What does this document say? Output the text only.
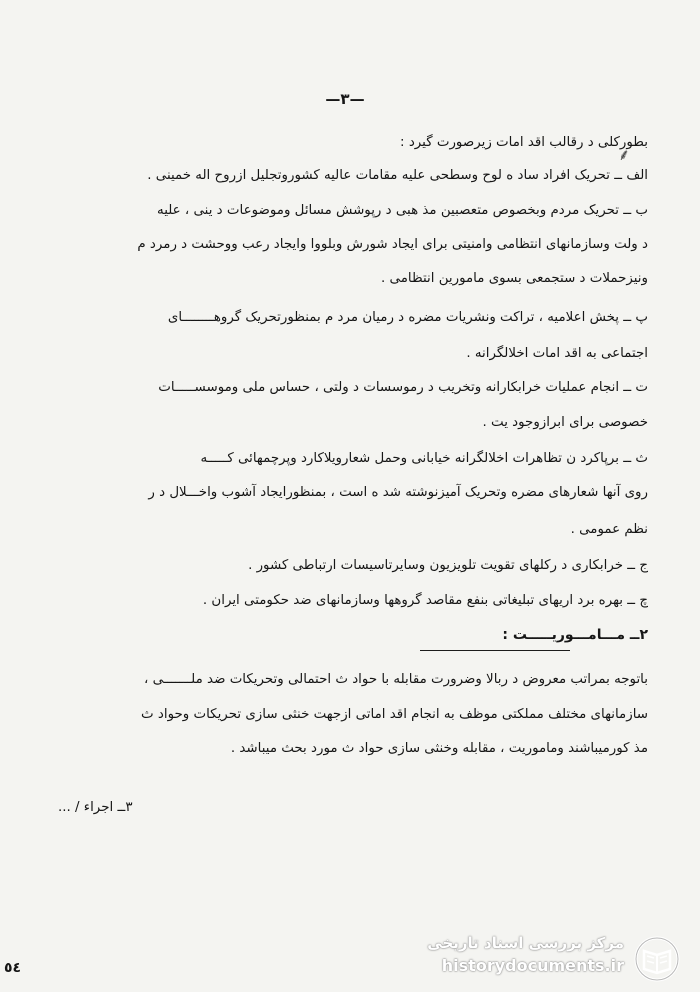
—٣—
⸙
بطورکلی د رقالب اقد امات زیرصورت گیرد :
الف ــ تحریک افراد ساد ه لوح وسطحی علیه مقامات عالیه کشوروتجلیل ازروح اله خمینی .
ب ــ تحریک مردم وبخصوص متعصبین مذ هبی د رپوشش مسائل وموضوعات د ینی ، علیه
د ولت وسازمانهای انتظامی وامنیتی برای ایجاد شورش وبلووا وایجاد رعب ووحشت د رمرد م
ونیزحملات د ستجمعی بسوی مامورین انتظامی .
پ ــ پخش اعلامیه ، تراکت ونشریات مضره د رمیان مرد م بمنظورتحریک گروهــــــــای
اجتماعی به اقد امات اخلالگرانه .
ت ــ انجام عملیات خرابکارانه وتخریب د رموسسات د ولتی ، حساس ملی وموسســـــات
خصوصی برای ابرازوجود یت .
ث ــ برپاکرد ن تظاهرات اخلالگرانه خیابانی وحمل شعارویلاکارد وپرچمهائی کـــــه
روی آنها شعارهای مضره وتحریک آمیزنوشته شد ه است ، بمنظورایجاد آشوب واخـــلال د ر
نظم عمومی .
ج ــ خرابکاری د رکلهای تقویت تلویزیون وسایرتاسیسات ارتباطی کشور .
چ ــ بهره برد اریهای تبلیغاتی بنفع مقاصد گروهها وسازمانهای ضد حکومتی ایران .
٢ــ مـــامـــوریـــــت :
باتوجه بمراتب معروض د ربالا وضرورت مقابله با حواد ث احتمالی وتحریکات ضد ملـــــــی ،
سازمانهای مختلف مملکتی موظف به انجام اقد اماتی ازجهت خنثی سازی تحریکات وحواد ث
مذ کورمیباشند وماموریت ، مقابله وخنثی سازی حواد ث مورد بحث میباشد .
٣ــ اجراء / ...
٥٤
مرکز بررسی اسناد تاریخی
historydocuments.ir
